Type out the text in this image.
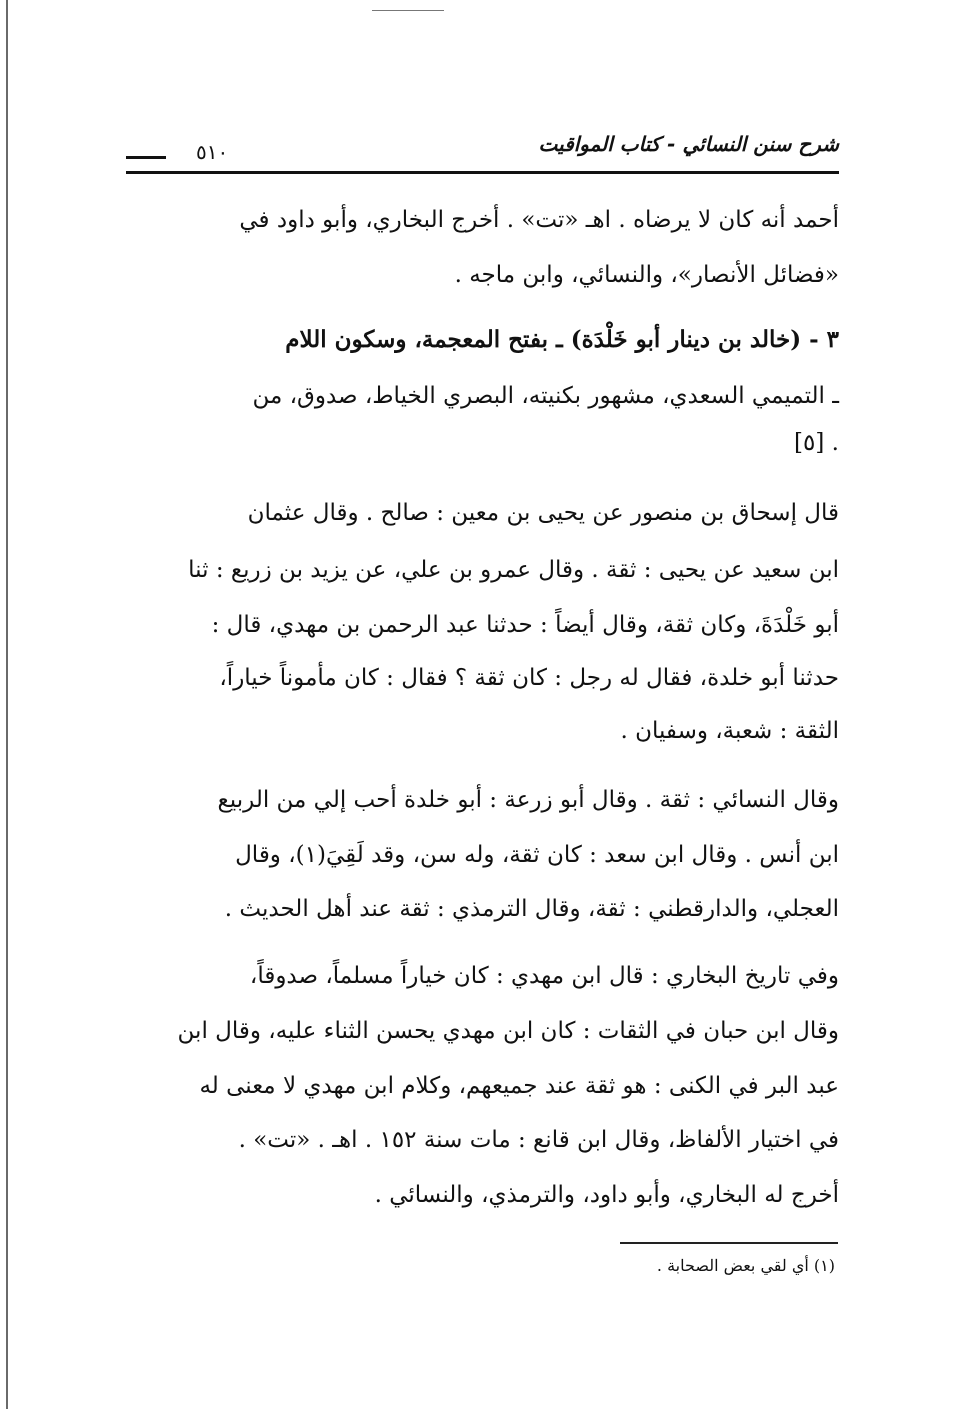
شرح سنن النسائي - كتاب المواقيت
٥١٠
أحمد أنه كان لا يرضاه . اهـ «تت» . أخرج البخاري، وأبو داود في
«فضائل الأنصار»، والنسائي، وابن ماجه .
٣ - (خالد بن دينار أبو خَلْدَة) ـ بفتح المعجمة، وسكون اللام
ـ التميمي السعدي، مشهور بكنيته، البصري الخياط، صدوق، من
. [٥]
قال إسحاق بن منصور عن يحيى بن معين : صالح . وقال عثمان
ابن سعيد عن يحيى : ثقة . وقال عمرو بن علي، عن يزيد بن زريع : ثنا
أبو خَلْدَةَ، وكان ثقة، وقال أيضاً : حدثنا عبد الرحمن بن مهدي، قال :
حدثنا أبو خلدة، فقال له رجل : كان ثقة ؟ فقال : كان مأموناً خياراً،
الثقة : شعبة، وسفيان .
وقال النسائي : ثقة . وقال أبو زرعة : أبو خلدة أحب إلي من الربيع
ابن أنس . وقال ابن سعد : كان ثقة، وله سن، وقد لَقِيَ(١)، وقال
العجلي، والدارقطني : ثقة، وقال الترمذي : ثقة عند أهل الحديث .
وفي تاريخ البخاري : قال ابن مهدي : كان خياراً مسلماً، صدوقاً،
وقال ابن حبان في الثقات : كان ابن مهدي يحسن الثناء عليه، وقال ابن
عبد البر في الكنى : هو ثقة عند جميعهم، وكلام ابن مهدي لا معنى له
في اختيار الألفاظ، وقال ابن قانع : مات سنة ١٥٢ . اهـ . «تت» .
أخرج له البخاري، وأبو داود، والترمذي، والنسائي .
(١) أي لقي بعض الصحابة .
